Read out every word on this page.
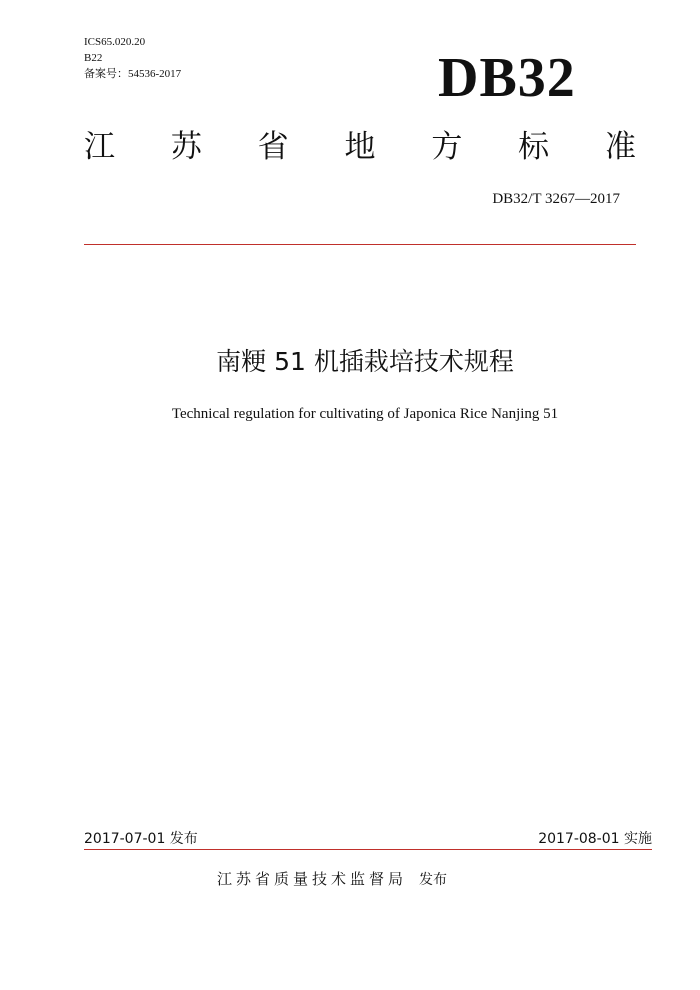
ICS65.020.20
B22
备案号：54536-2017	DB32
江 苏 省 地 方 标 准
DB32/T 3267—2017
南粳 51 机插栽培技术规程
Technical regulation for cultivating of Japonica Rice Nanjing 51
2017-07-01 发布	2017-08-01 实施
江苏省质量技术监督局 发布
